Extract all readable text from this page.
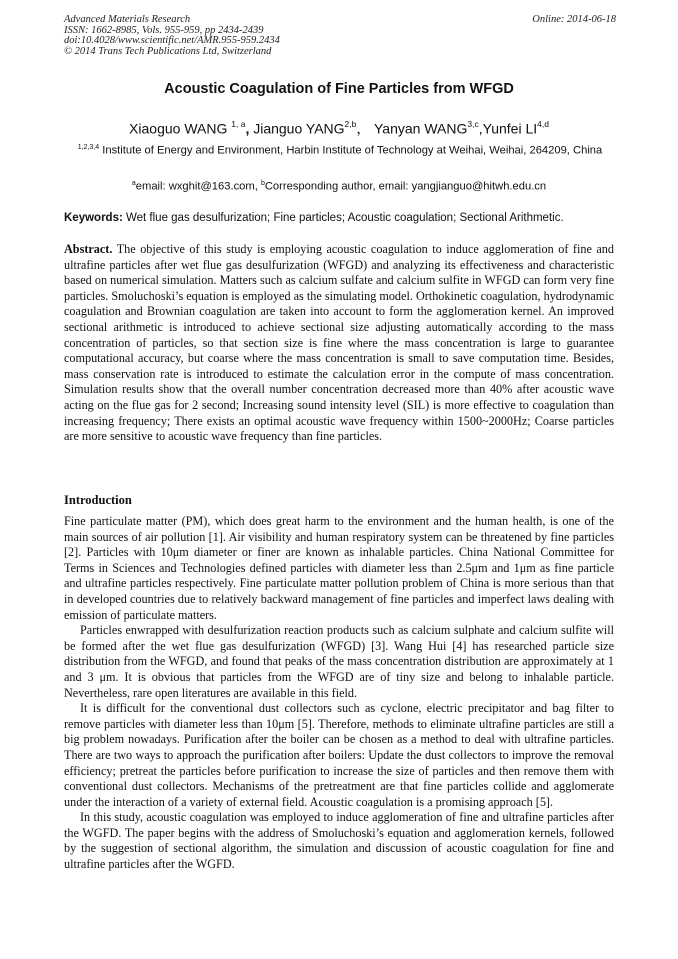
Advanced Materials Research
ISSN: 1662-8985, Vols. 955-959, pp 2434-2439
doi:10.4028/www.scientific.net/AMR.955-959.2434
© 2014 Trans Tech Publications Ltd, Switzerland
Online: 2014-06-18
Acoustic Coagulation of Fine Particles from WFGD
Xiaoguo WANG $^{1, a}$, Jianguo YANG$^{2,b}$， Yanyan WANG$^{3,c}$,Yunfei LI$^{4,d}$
$^{1,2,3,4}$ Institute of Energy and Environment, Harbin Institute of Technology at Weihai, Weihai, 264209, China
$^a$email: wxghit@163.com, $^b$Corresponding author, email: yangjianguo@hitwh.edu.cn
Keywords: Wet flue gas desulfurization; Fine particles; Acoustic coagulation; Sectional Arithmetic.
Abstract. The objective of this study is employing acoustic coagulation to induce agglomeration of fine and ultrafine particles after wet flue gas desulfurization (WFGD) and analyzing its effectiveness and characteristic based on numerical simulation. Matters such as calcium sulfate and calcium sulfite in WFGD can form very fine particles. Smoluchoski’s equation is employed as the simulating model. Orthokinetic coagulation, hydrodynamic coagulation and Brownian coagulation are taken into account to form the agglomeration kernel. An improved sectional arithmetic is introduced to achieve sectional size adjusting automatically according to the mass concentration of particles, so that section size is fine where the mass concentration is large to guarantee computational accuracy, but coarse where the mass concentration is small to save computation time. Besides, mass conservation rate is introduced to estimate the calculation error in the compute of mass concentration. Simulation results show that the overall number concentration decreased more than 40% after acoustic wave acting on the flue gas for 2 second; Increasing sound intensity level (SIL) is more effective to coagulation than increasing frequency; There exists an optimal acoustic wave frequency within 1500~2000Hz; Coarse particles are more sensitive to acoustic wave frequency than fine particles.
Introduction

Fine particulate matter (PM), which does great harm to the environment and the human health, is one of the main sources of air pollution [1]. Air visibility and human respiratory system can be threatened by fine particles [2]. Particles with 10μm diameter or finer are known as inhalable particles. China National Committee for Terms in Sciences and Technologies defined particles with diameter less than 2.5μm and 1μm as fine particle and ultrafine particles respectively. Fine particulate matter pollution problem of China is more serious than that in developed countries due to relatively backward management of fine particles and imperfect laws dealing with emission of particulate matters.

Particles enwrapped with desulfurization reaction products such as calcium sulphate and calcium sulfite will be formed after the wet flue gas desulfurization (WFGD) [3]. Wang Hui [4] has researched particle size distribution from the WFGD, and found that peaks of the mass concentration distribution are approximately at 1 and 3 μm. It is obvious that particles from the WFGD are of tiny size and belong to inhalable particle. Nevertheless, rare open literatures are available in this field.

It is difficult for the conventional dust collectors such as cyclone, electric precipitator and bag filter to remove particles with diameter less than 10μm [5]. Therefore, methods to eliminate ultrafine particles are still a big problem nowadays. Purification after the boiler can be chosen as a method to deal with ultrafine particles. There are two ways to approach the purification after boilers: Update the dust collectors to improve the removal efficiency; pretreat the particles before purification to increase the size of particles and then remove them with conventional dust collectors. Mechanisms of the pretreatment are that fine particles collide and agglomerate under the interaction of a variety of external field. Acoustic coagulation is a promising approach [5].

In this study, acoustic coagulation was employed to induce agglomeration of fine and ultrafine particles after the WGFD. The paper begins with the address of Smoluchoski’s equation and agglomeration kernels, followed by the suggestion of sectional algorithm, the simulation and discussion of acoustic coagulation for fine and ultrafine particles after the WGFD.
